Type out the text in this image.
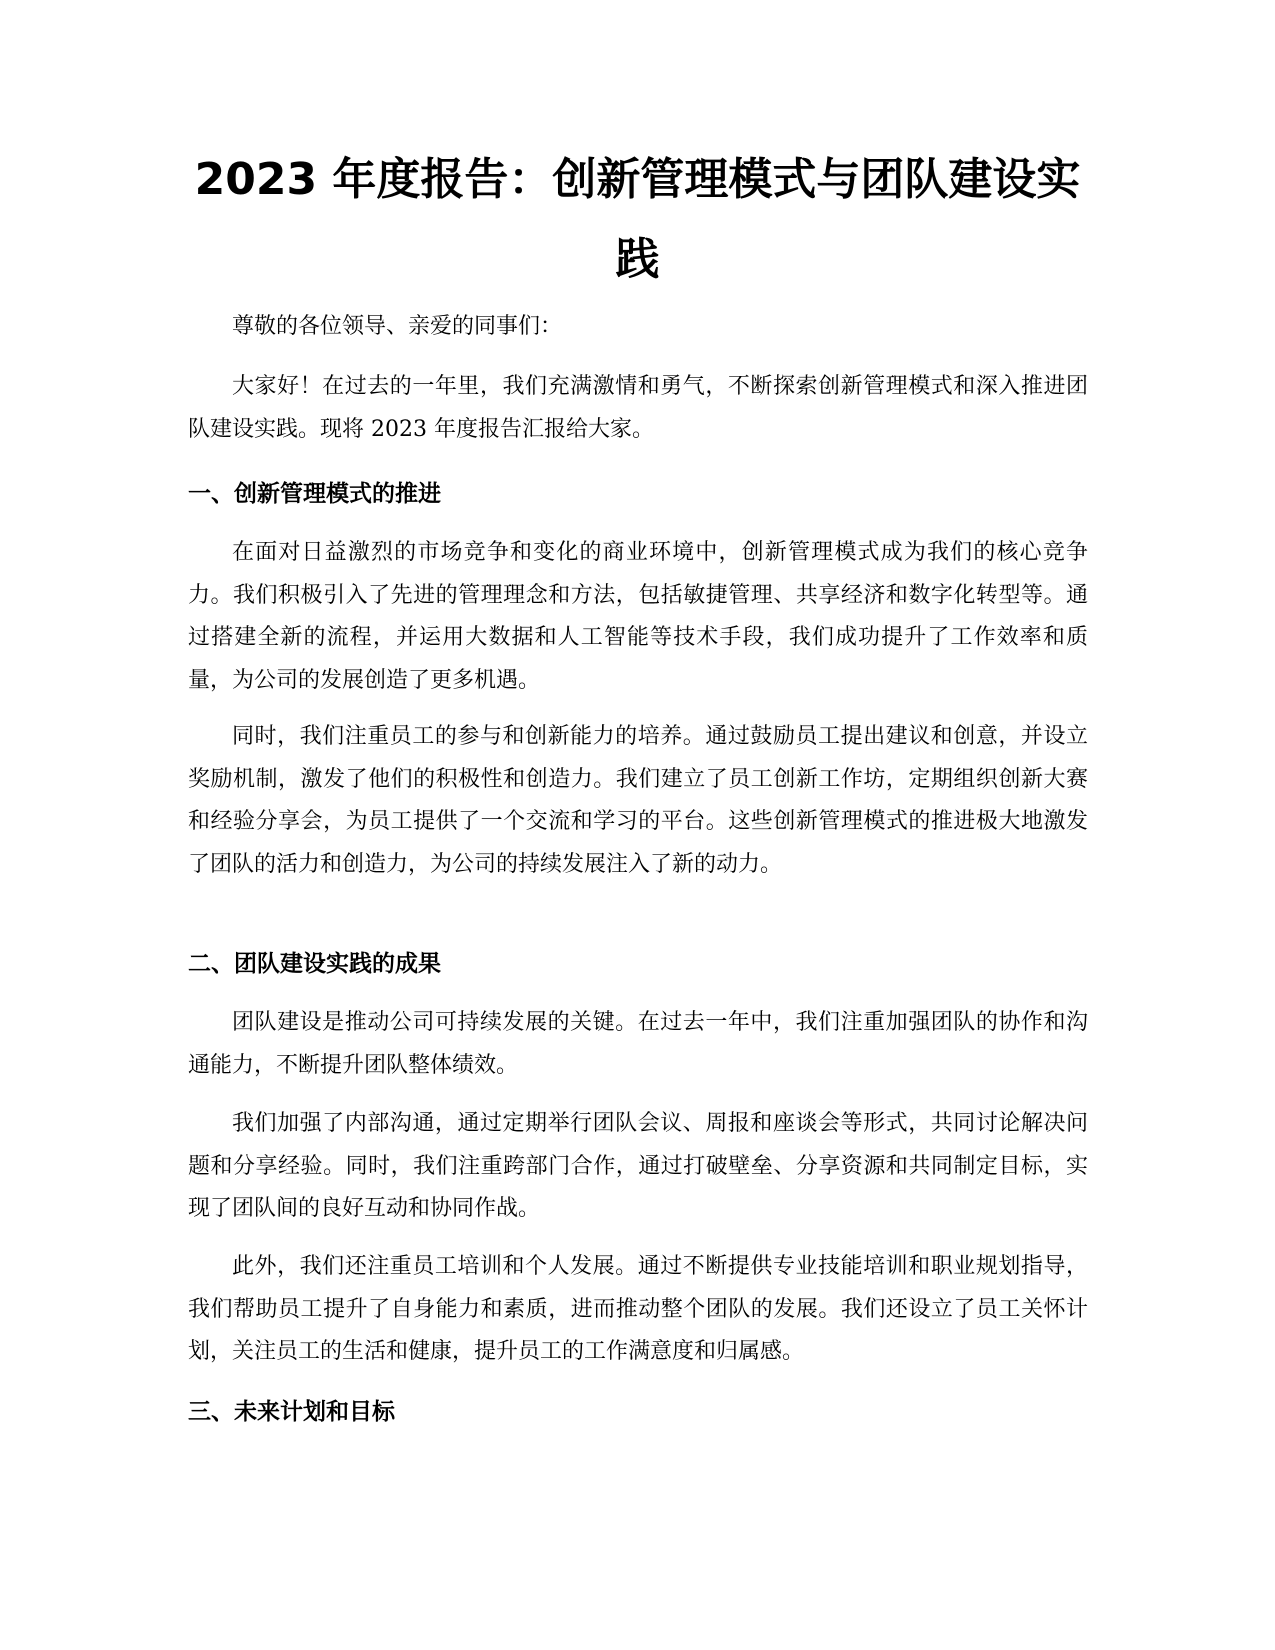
2023 年度报告：创新管理模式与团队建设实践

尊敬的各位领导、亲爱的同事们：

大家好！在过去的一年里，我们充满激情和勇气，不断探索创新管理模式和深入推进团队建设实践。现将 2023 年度报告汇报给大家。

一、创新管理模式的推进

在面对日益激烈的市场竞争和变化的商业环境中，创新管理模式成为我们的核心竞争力。我们积极引入了先进的管理理念和方法，包括敏捷管理、共享经济和数字化转型等。通过搭建全新的流程，并运用大数据和人工智能等技术手段，我们成功提升了工作效率和质量，为公司的发展创造了更多机遇。

同时，我们注重员工的参与和创新能力的培养。通过鼓励员工提出建议和创意，并设立奖励机制，激发了他们的积极性和创造力。我们建立了员工创新工作坊，定期组织创新大赛和经验分享会，为员工提供了一个交流和学习的平台。这些创新管理模式的推进极大地激发了团队的活力和创造力，为公司的持续发展注入了新的动力。

二、团队建设实践的成果

团队建设是推动公司可持续发展的关键。在过去一年中，我们注重加强团队的协作和沟通能力，不断提升团队整体绩效。

我们加强了内部沟通，通过定期举行团队会议、周报和座谈会等形式，共同讨论解决问题和分享经验。同时，我们注重跨部门合作，通过打破壁垒、分享资源和共同制定目标，实现了团队间的良好互动和协同作战。

此外，我们还注重员工培训和个人发展。通过不断提供专业技能培训和职业规划指导，我们帮助员工提升了自身能力和素质，进而推动整个团队的发展。我们还设立了员工关怀计划，关注员工的生活和健康，提升员工的工作满意度和归属感。

三、未来计划和目标
